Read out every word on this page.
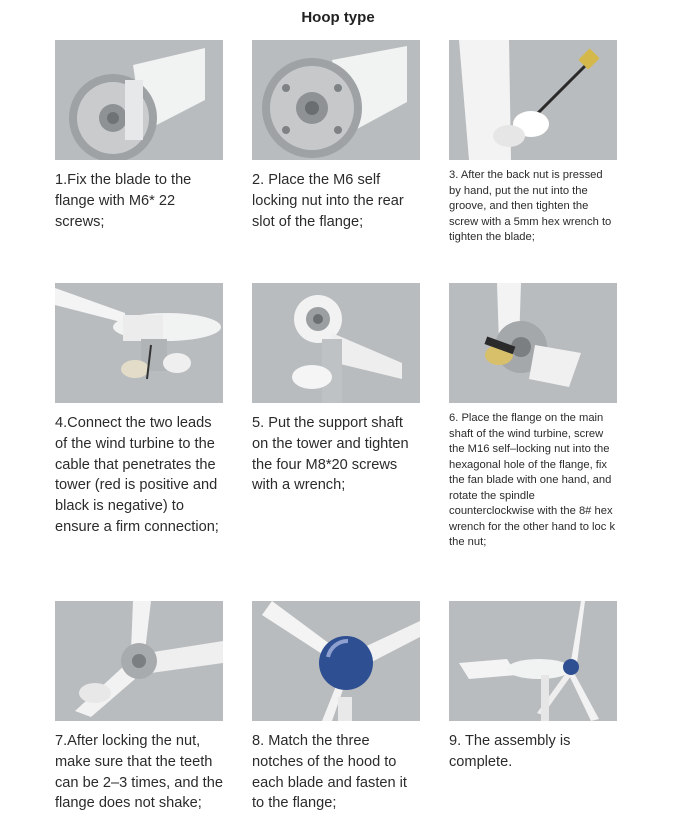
Hoop type
1.Fix the blade to the flange with M6* 22 screws;
2. Place the M6 self locking nut into the rear slot of the flange;
3. After the back nut is pressed by hand, put the nut into the groove, and then tighten the screw with a 5mm hex wrench to tighten the blade;
4.Connect the two leads of the wind turbine to the cable that penetrates the tower (red is positive and black is negative) to ensure a firm connection;
5. Put the support shaft on the tower and tighten the four M8*20 screws with a wrench;
6. Place the flange on the main shaft of the wind turbine, screw the M16 self–locking nut into the hexagonal hole of the flange, fix the fan blade with one hand, and rotate the spindle counterclockwise with the 8# hex wrench for the other hand to loc k the nut;
7.After locking the nut, make sure that the teeth can be 2–3 times, and the flange does not shake;
8. Match the three notches of the hood to each blade and fasten it to the flange;
9. The assembly is complete.
